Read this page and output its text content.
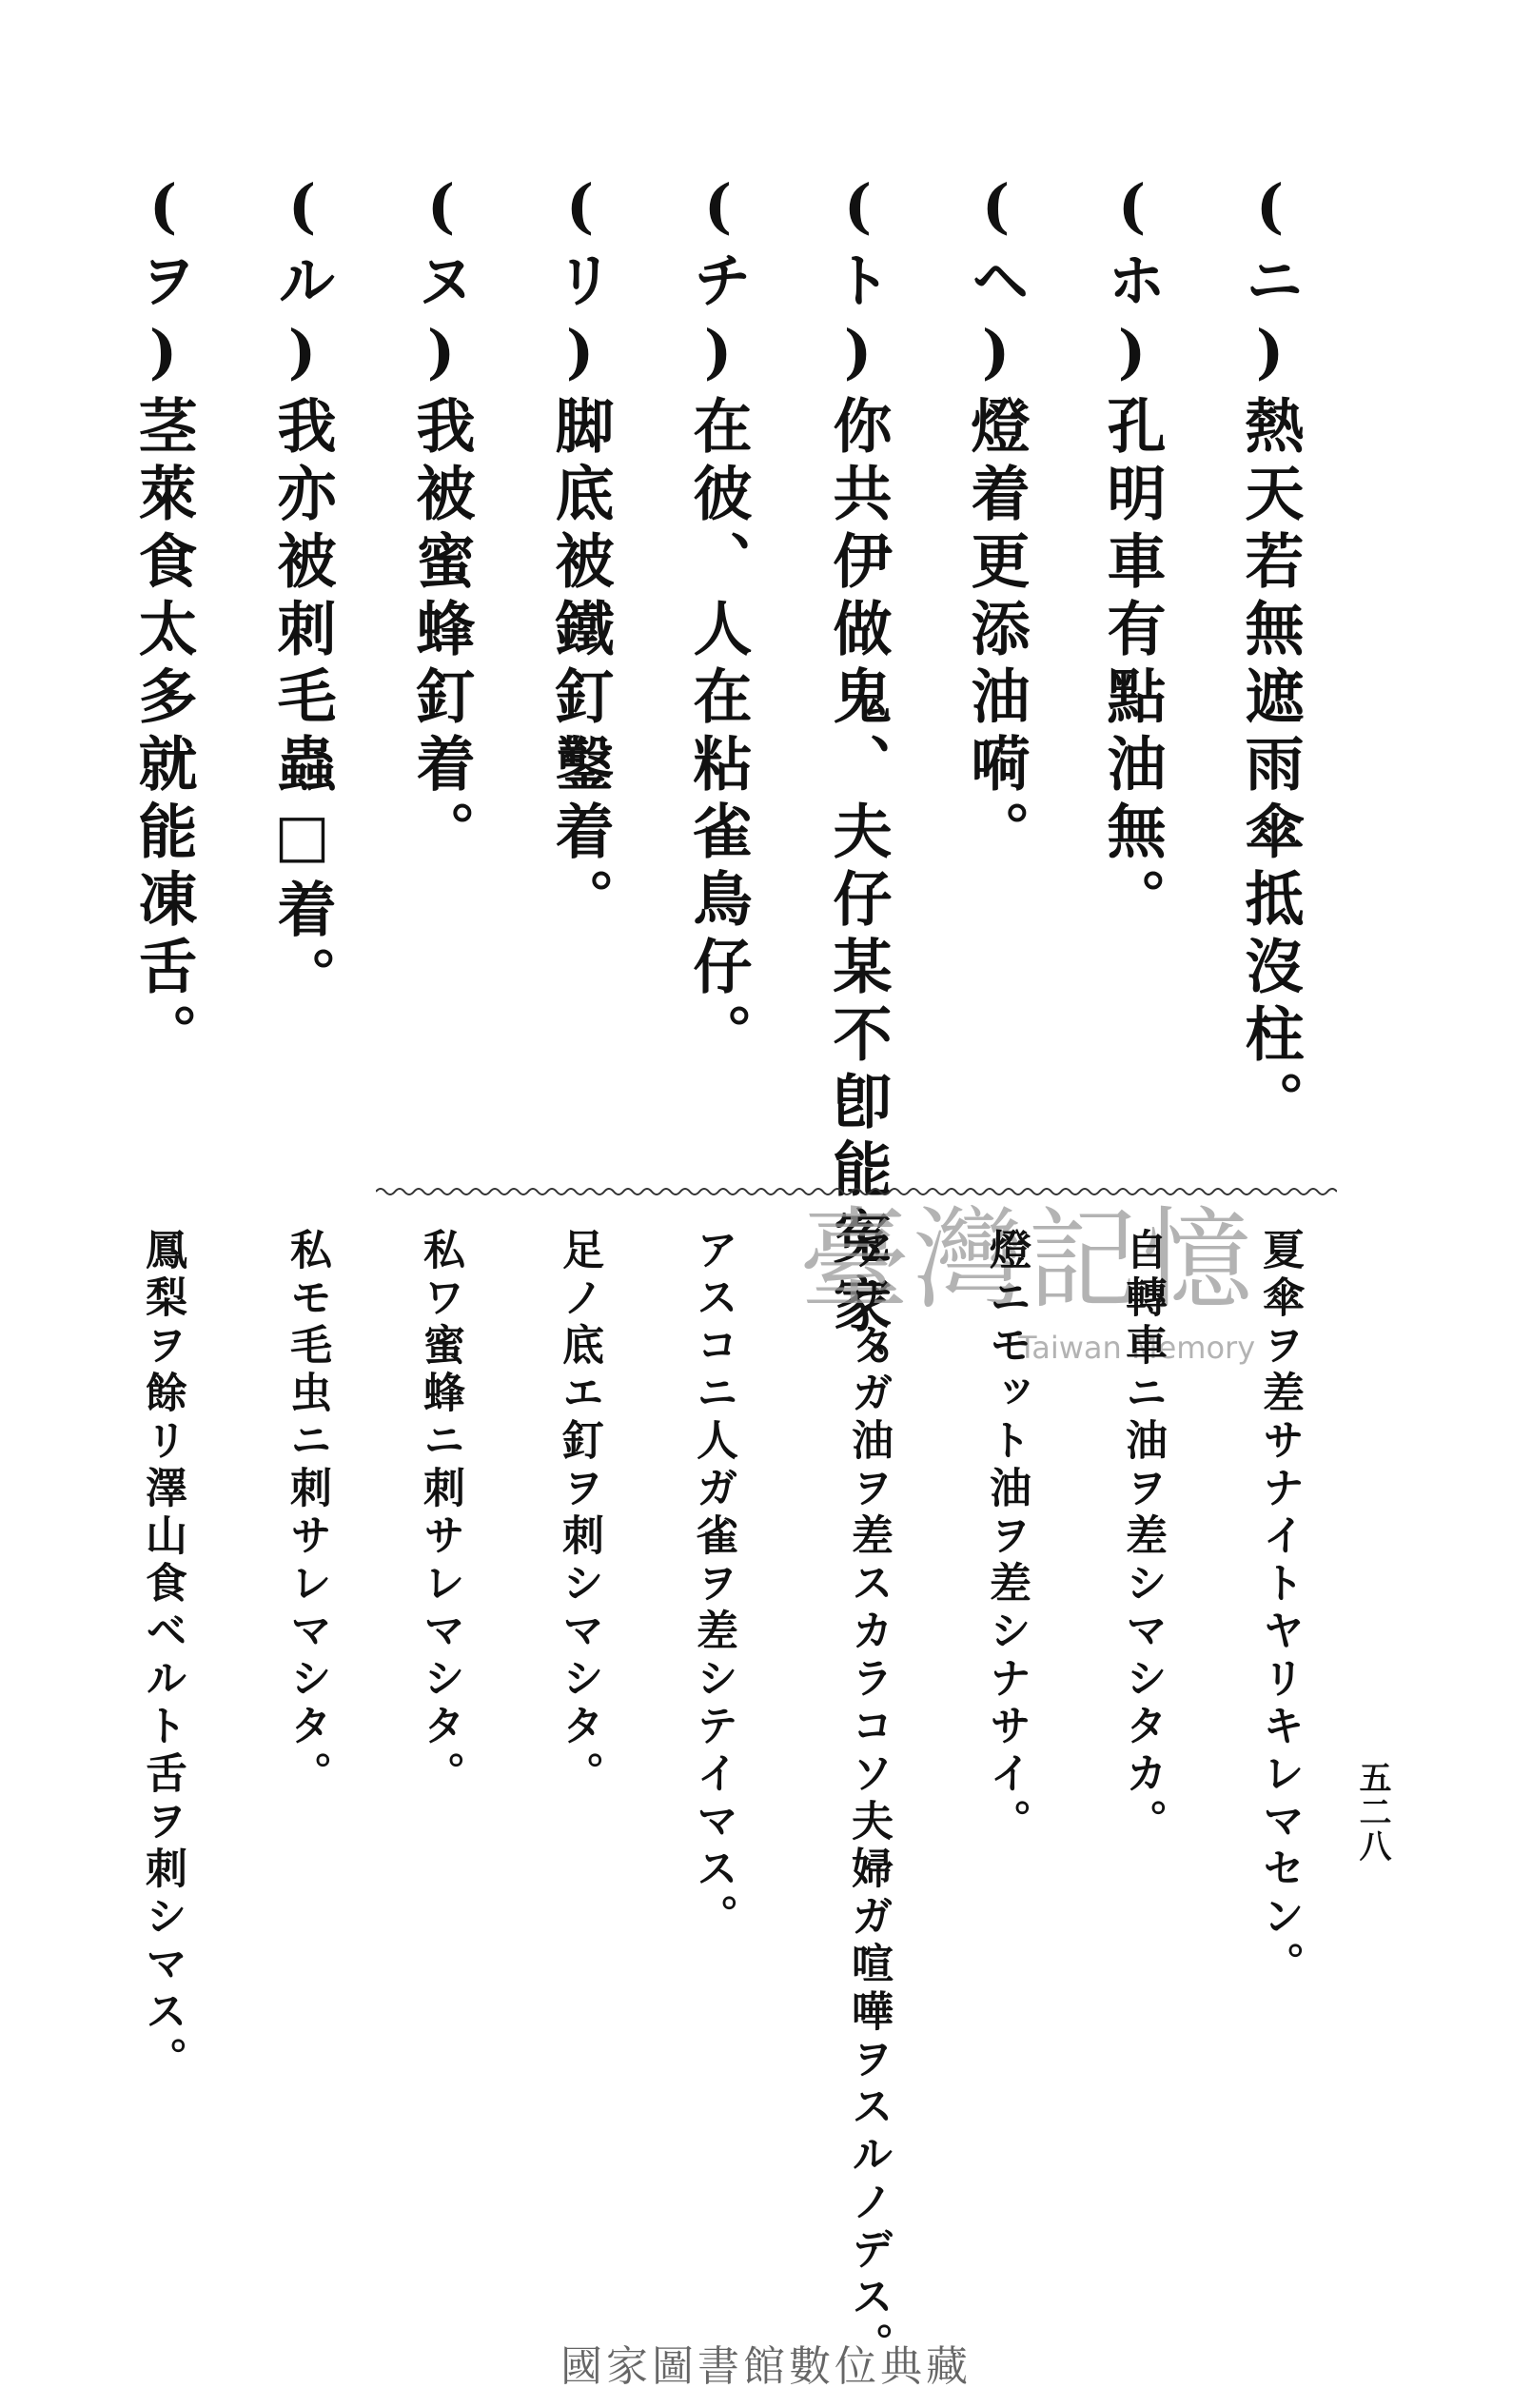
(ニ)熱天若無遮雨傘抵沒柱。
(ホ)孔明車有點油無。
(ヘ)燈着更添油嗬。
(ト)你共伊做鬼、夫仔某不卽能寃家。
(チ)在彼、人在粘雀鳥仔。
(リ)脚底被鐵釘鑿着。
(ヌ)我被蜜蜂釘着。
(ル)我亦被刺毛蟲□着。
(ヲ)茎萊食太多就能凍舌。
臺灣記憶
Taiwan Memory 夏傘ヲ差サナイトヤリキレマセン。
自轉車ニ油ヲ差シマシタカ。
燈ニモット油ヲ差シナサイ。
アナタガ油ヲ差スカラコソ夫婦ガ喧嘩ヲスルノデス。
アスコニ人ガ雀ヲ差シテイマス。
足ノ底エ釘ヲ刺シマシタ。
私ワ蜜蜂ニ刺サレマシタ。
私モ毛虫ニ刺サレマシタ。
鳳梨ヲ餘リ澤山食ベルト舌ヲ刺シマス。	五二八
國家圖書館數位典藏
